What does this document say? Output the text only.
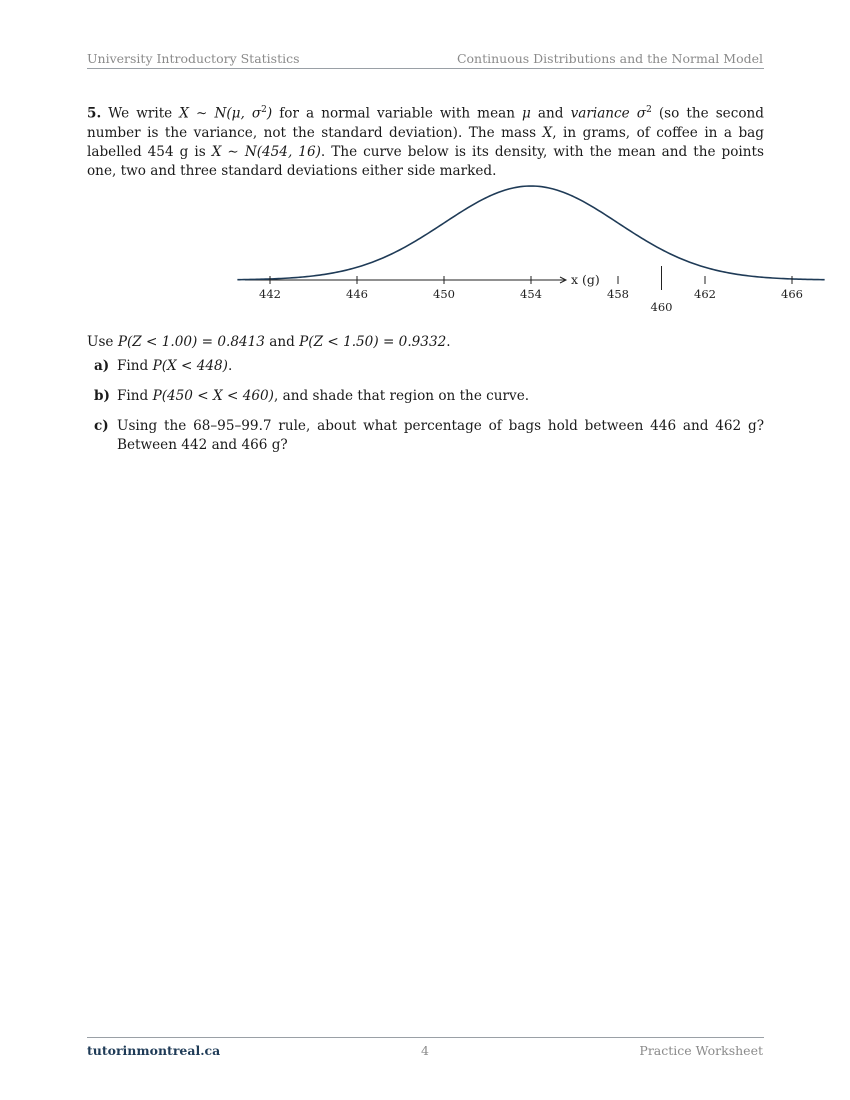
University Introductory Statistics	Continuous Distributions and the Normal Model
5. We write X ∼ N(μ, $\sigma^2$) for a normal variable with mean μ and variance $\sigma^2$ (so the second number is the variance, not the standard deviation). The mass X, in grams, of coffee in a bag labelled 454 g is X ∼ N(454, 16). The curve below is its density, with the mean and the points one, two and three standard deviations either side marked.
x (g)
442	446	450	454	458	462	466
460
Use P(Z < 1.00) = 0.8413 and P(Z < 1.50) = 0.9332.
a) Find P(X < 448).
b) Find P(450 < X < 460), and shade that region on the curve.
c) Using the 68–95–99.7 rule, about what percentage of bags hold between 446 and 462 g? Between 442 and 466 g?
tutorinmontreal.ca	4	Practice Worksheet
